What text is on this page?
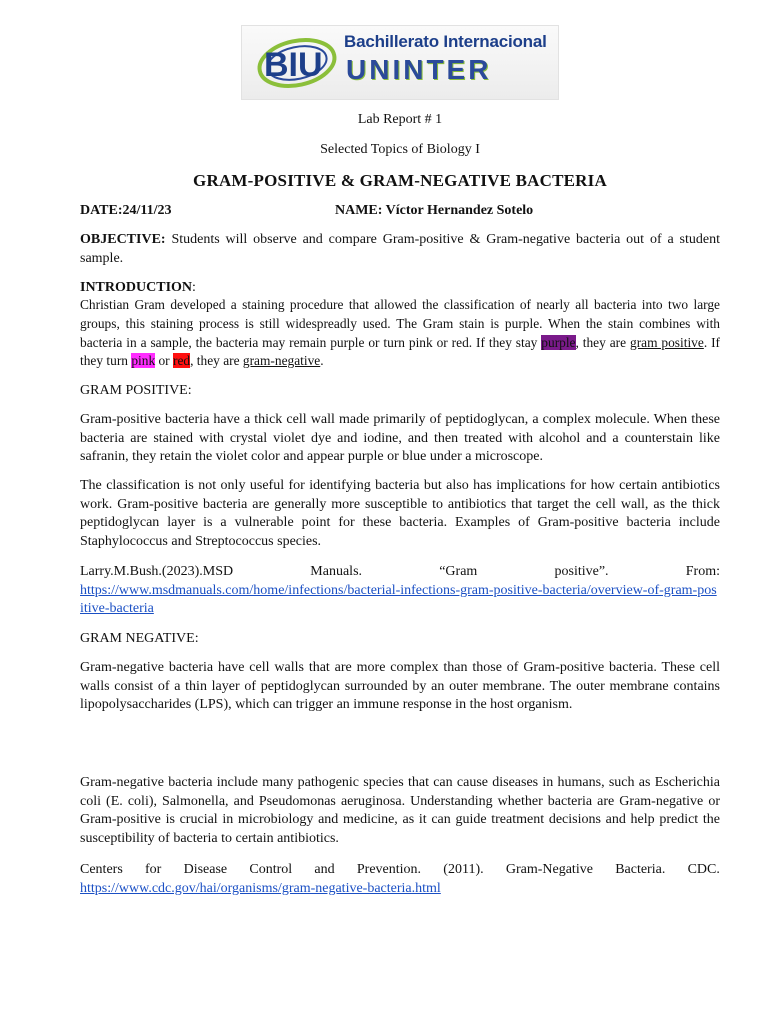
BIU
Bachillerato Internacional
UNINTER
Lab Report # 1
Selected Topics of Biology I
GRAM-POSITIVE & GRAM-NEGATIVE BACTERIA
DATE:24/11/23	NAME: Víctor Hernandez Sotelo
OBJECTIVE: Students will observe and compare Gram-positive & Gram-negative bacteria out of a student sample.
INTRODUCTION:
Christian Gram developed a staining procedure that allowed the classification of nearly all bacteria into two large groups, this staining process is still widespreadly used. The Gram stain is purple. When the stain combines with bacteria in a sample, the bacteria may remain purple or turn pink or red. If they stay purple, they are gram positive. If they turn pink or red, they are gram-negative.
GRAM POSITIVE:
Gram-positive bacteria have a thick cell wall made primarily of peptidoglycan, a complex molecule. When these bacteria are stained with crystal violet dye and iodine, and then treated with alcohol and a counterstain like safranin, they retain the violet color and appear purple or blue under a microscope.
The classification is not only useful for identifying bacteria but also has implications for how certain antibiotics work. Gram-positive bacteria are generally more susceptible to antibiotics that target the cell wall, as the thick peptidoglycan layer is a vulnerable point for these bacteria. Examples of Gram-positive bacteria include Staphylococcus and Streptococcus species.
Larry.M.Bush.(2023).MSD	Manuals.	“Gram	positive”.	From:
https://www.msdmanuals.com/home/infections/bacterial-infections-gram-positive-bacteria/overview-of-gram-positive-bacteria
GRAM NEGATIVE:
Gram-negative bacteria have cell walls that are more complex than those of Gram-positive bacteria. These cell walls consist of a thin layer of peptidoglycan surrounded by an outer membrane. The outer membrane contains lipopolysaccharides (LPS), which can trigger an immune response in the host organism.
Gram-negative bacteria include many pathogenic species that can cause diseases in humans, such as Escherichia coli (E. coli), Salmonella, and Pseudomonas aeruginosa. Understanding whether bacteria are Gram-negative or Gram-positive is crucial in microbiology and medicine, as it can guide treatment decisions and help predict the susceptibility of bacteria to certain antibiotics.
Centers for Disease Control and Prevention. (2011). Gram-Negative Bacteria. CDC.
https://www.cdc.gov/hai/organisms/gram-negative-bacteria.html
